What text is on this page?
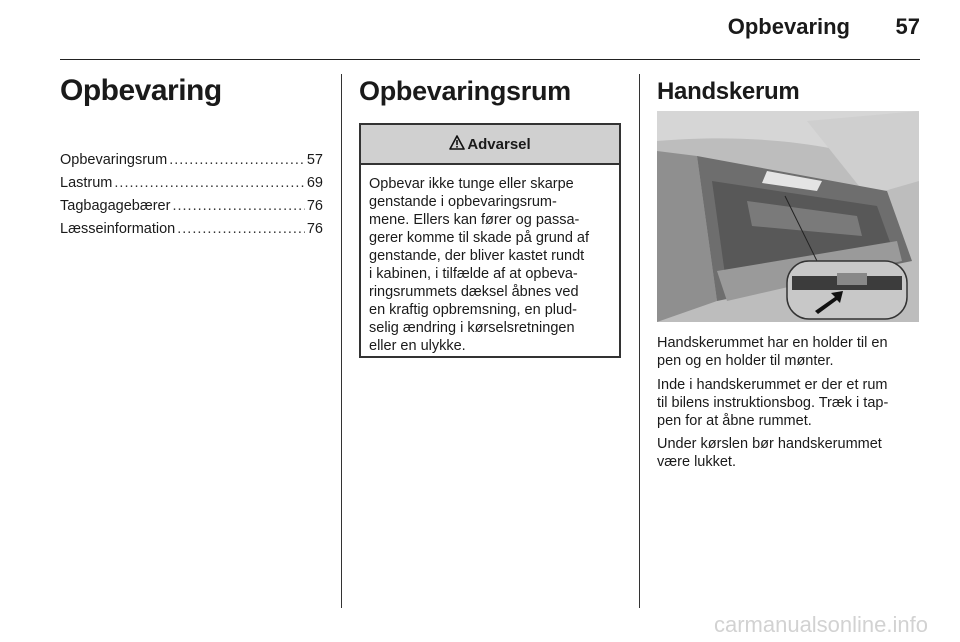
Opbevaring	57
Opbevaring
Opbevaringsrum .....	57
Lastrum .....	69
Tagbagagebærer .....	76
Læsseinformation .....	76
Opbevaringsrum
Advarsel
Opbevar ikke tunge eller skarpe
genstande i opbevaringsrum-
mene. Ellers kan fører og passa-
gerer komme til skade på grund af
genstande, der bliver kastet rundt
i kabinen, i tilfælde af at opbeva-
ringsrummets dæksel åbnes ved
en kraftig opbremsning, en plud-
selig ændring i kørselsretningen
eller en ulykke.
Handskerum
Handskerummet har en holder til en
pen og en holder til mønter.
Inde i handskerummet er der et rum
til bilens instruktionsbog. Træk i tap-
pen for at åbne rummet.
Under kørslen bør handskerummet
være lukket.
carmanualsonline.info
